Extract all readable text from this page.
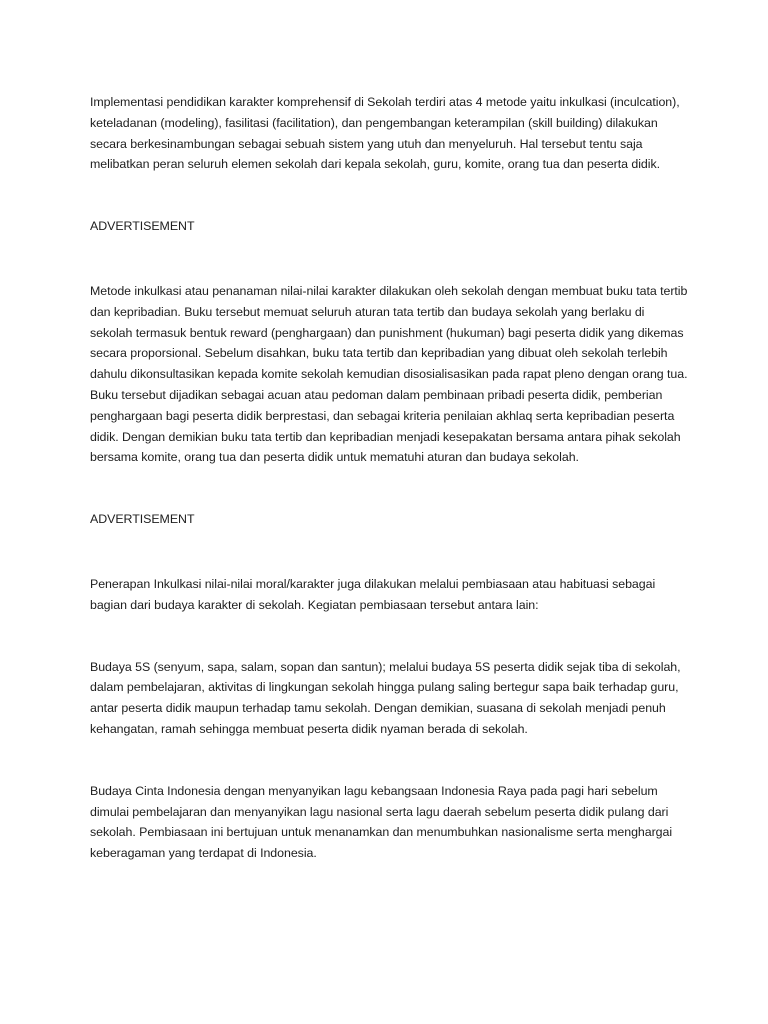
Implementasi pendidikan karakter komprehensif di Sekolah terdiri atas 4 metode yaitu inkulkasi (inculcation), keteladanan (modeling), fasilitasi (facilitation), dan pengembangan keterampilan (skill building) dilakukan secara berkesinambungan sebagai sebuah sistem yang utuh dan menyeluruh. Hal tersebut tentu saja melibatkan peran seluruh elemen sekolah dari kepala sekolah, guru, komite, orang tua dan peserta didik.

ADVERTISEMENT

Metode inkulkasi atau penanaman nilai-nilai karakter dilakukan oleh sekolah dengan membuat buku tata tertib dan kepribadian. Buku tersebut memuat seluruh aturan tata tertib dan budaya sekolah yang berlaku di sekolah termasuk bentuk reward (penghargaan) dan punishment (hukuman) bagi peserta didik yang dikemas secara proporsional. Sebelum disahkan, buku tata tertib dan kepribadian yang dibuat oleh sekolah terlebih dahulu dikonsultasikan kepada komite sekolah kemudian disosialisasikan pada rapat pleno dengan orang tua. Buku tersebut dijadikan sebagai acuan atau pedoman dalam pembinaan pribadi peserta didik, pemberian penghargaan bagi peserta didik berprestasi, dan sebagai kriteria penilaian akhlaq serta kepribadian peserta didik. Dengan demikian buku tata tertib dan kepribadian menjadi kesepakatan bersama antara pihak sekolah bersama komite, orang tua dan peserta didik untuk mematuhi aturan dan budaya sekolah.

ADVERTISEMENT

Penerapan Inkulkasi nilai-nilai moral/karakter juga dilakukan melalui pembiasaan atau habituasi sebagai bagian dari budaya karakter di sekolah. Kegiatan pembiasaan tersebut antara lain:

Budaya 5S (senyum, sapa, salam, sopan dan santun); melalui budaya 5S peserta didik sejak tiba di sekolah, dalam pembelajaran, aktivitas di lingkungan sekolah hingga pulang saling bertegur sapa baik terhadap guru, antar peserta didik maupun terhadap tamu sekolah. Dengan demikian, suasana di sekolah menjadi penuh kehangatan, ramah sehingga membuat peserta didik nyaman berada di sekolah.

Budaya Cinta Indonesia dengan menyanyikan lagu kebangsaan Indonesia Raya pada pagi hari sebelum dimulai pembelajaran dan menyanyikan lagu nasional serta lagu daerah sebelum peserta didik pulang dari sekolah. Pembiasaan ini bertujuan untuk menanamkan dan menumbuhkan nasionalisme serta menghargai keberagaman yang terdapat di Indonesia.
